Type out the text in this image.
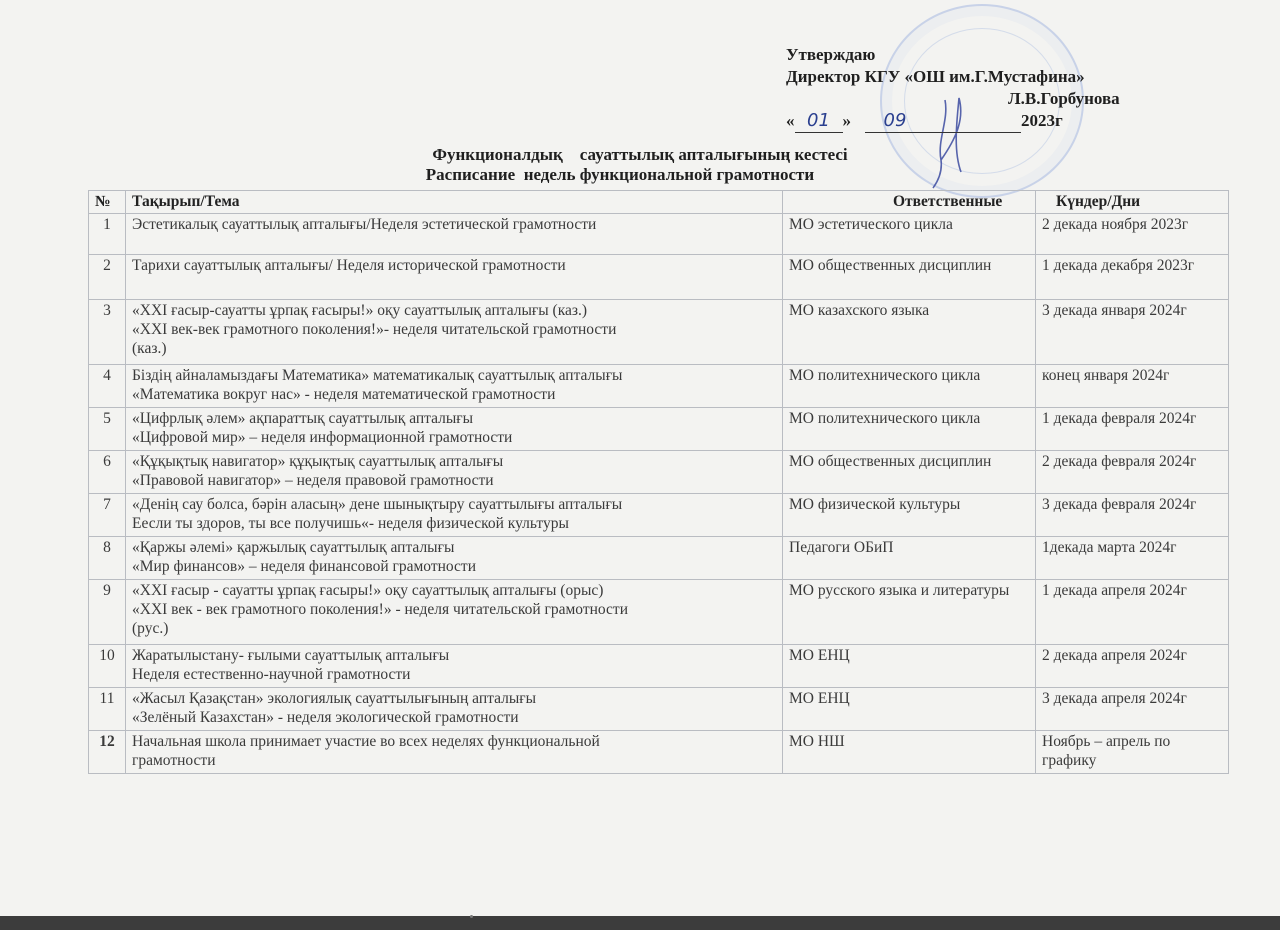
Утверждаю
Директор КГУ «ОШ им.Г.Мустафина»
Л.В.Горбунова
« 01 » 09	2023г
Функционалдық    сауаттылық апталығының кестесі
Расписание  недель функциональной грамотности
№	Тақырып/Тема	Ответственные	Күндер/Дни
1	Эстетикалық сауаттылық апталығы/Неделя эстетической грамотности	МО эстетического цикла	2 декада ноября 2023г
2	Тарихи сауаттылық апталығы/ Неделя исторической грамотности	МО общественных дисциплин	1 декада декабря 2023г
3	«XXI ғасыр-сауатты ұрпақ ғасыры!» оқу сауаттылық апталығы (каз.)
«XXI век-век грамотного поколения!»- неделя читательской грамотности
(каз.)	МО казахского языка	3 декада января 2024г
4	Біздің айналамыздағы Математика» математикалық сауаттылық апталығы
«Математика вокруг нас» - неделя математической грамотности	МО политехнического цикла	конец января 2024г
5	«Цифрлық әлем» ақпараттық сауаттылық апталығы
«Цифровой мир» – неделя информационной грамотности	МО политехнического цикла	1 декада февраля 2024г
6	«Құқықтық навигатор» құқықтық сауаттылық апталығы
«Правовой навигатор» – неделя правовой грамотности	МО общественных дисциплин	2 декада февраля 2024г
7	«Денің сау болса, бәрін аласың» дене шынықтыру сауаттылығы апталығы
Еесли ты здоров, ты все получишь«- неделя физической культуры	МО физической культуры	3 декада февраля 2024г
8	«Қаржы әлемі» қаржылық сауаттылық апталығы
«Мир финансов» – неделя финансовой грамотности	Педагоги ОБиП	1декада марта 2024г
9	«XXI ғасыр - сауатты ұрпақ ғасыры!» оқу сауаттылық апталығы (орыс)
«XXI век - век грамотного поколения!» - неделя читательской грамотности
(рус.)	МО русского языка и литературы	1 декада апреля 2024г
10	Жаратылыстану- ғылыми сауаттылық апталығы
Неделя естественно-научной грамотности	МО ЕНЦ	2 декада апреля 2024г
11	«Жасыл Қазақстан» экологиялық сауаттылығының апталығы
«Зелёный Казахстан» - неделя экологической грамотности	МО ЕНЦ	3 декада апреля 2024г
12	Начальная школа принимает участие во всех неделях функциональной
грамотности	МО НШ	Ноябрь – апрель по графику
